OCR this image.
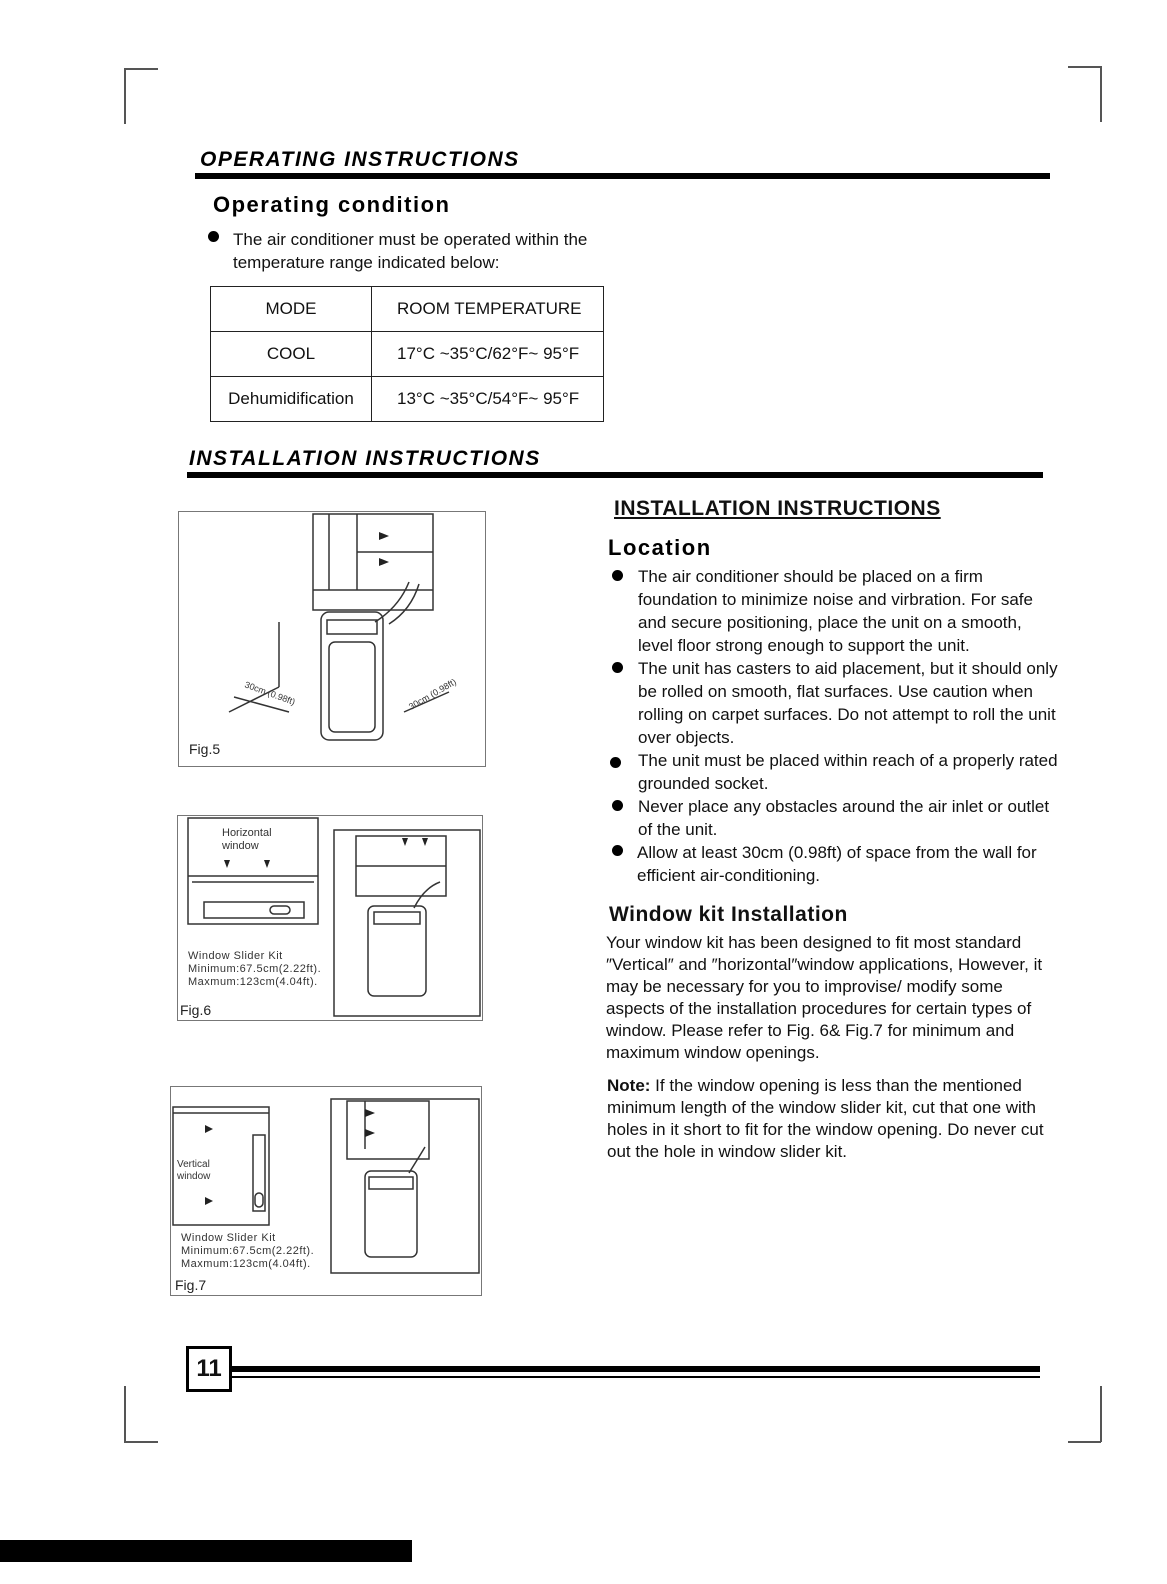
OPERATING INSTRUCTIONS
Operating condition
The air conditioner must be operated within the temperature range indicated below:
MODE	ROOM TEMPERATURE
COOL	17°C ~35°C/62°F~ 95°F
Dehumidification	13°C ~35°C/54°F~ 95°F
INSTALLATION INSTRUCTIONS
30cm (0.98ft)	30cm (0.98ft)
Fig.5
Horizontal
window
Window Slider Kit
Minimum:67.5cm(2.22ft).
Maxmum:123cm(4.04ft).
Fig.6
Vertical
window
Window Slider Kit
Minimum:67.5cm(2.22ft).
Maxmum:123cm(4.04ft).
Fig.7
INSTALLATION INSTRUCTIONS
Location

The air conditioner should be placed on a firm foundation to minimize noise and virbration. For safe and secure positioning, place the unit on a smooth, level floor strong enough to support the unit.

The unit has casters to aid placement, but it should only be rolled on smooth, flat surfaces. Use caution when rolling on carpet surfaces. Do not attempt to roll the unit over objects.

The unit must be placed within reach of a properly rated grounded socket.

Never place any obstacles around the air inlet or outlet of the unit.

Allow at least 30cm (0.98ft) of space from the wall for efficient air-conditioning.

Window kit Installation

Your window kit has been designed to fit most standard ″Vertical″ and ″horizontal″window applications, However, it may be necessary for you to improvise/ modify some aspects of the installation procedures for certain types of window. Please refer to Fig. 6& Fig.7 for minimum and maximum window openings.

Note: If the window opening is less than the mentioned minimum length of the window slider kit, cut that one with holes in it short to fit for the window opening. Do never cut out the hole in window slider kit.

11
